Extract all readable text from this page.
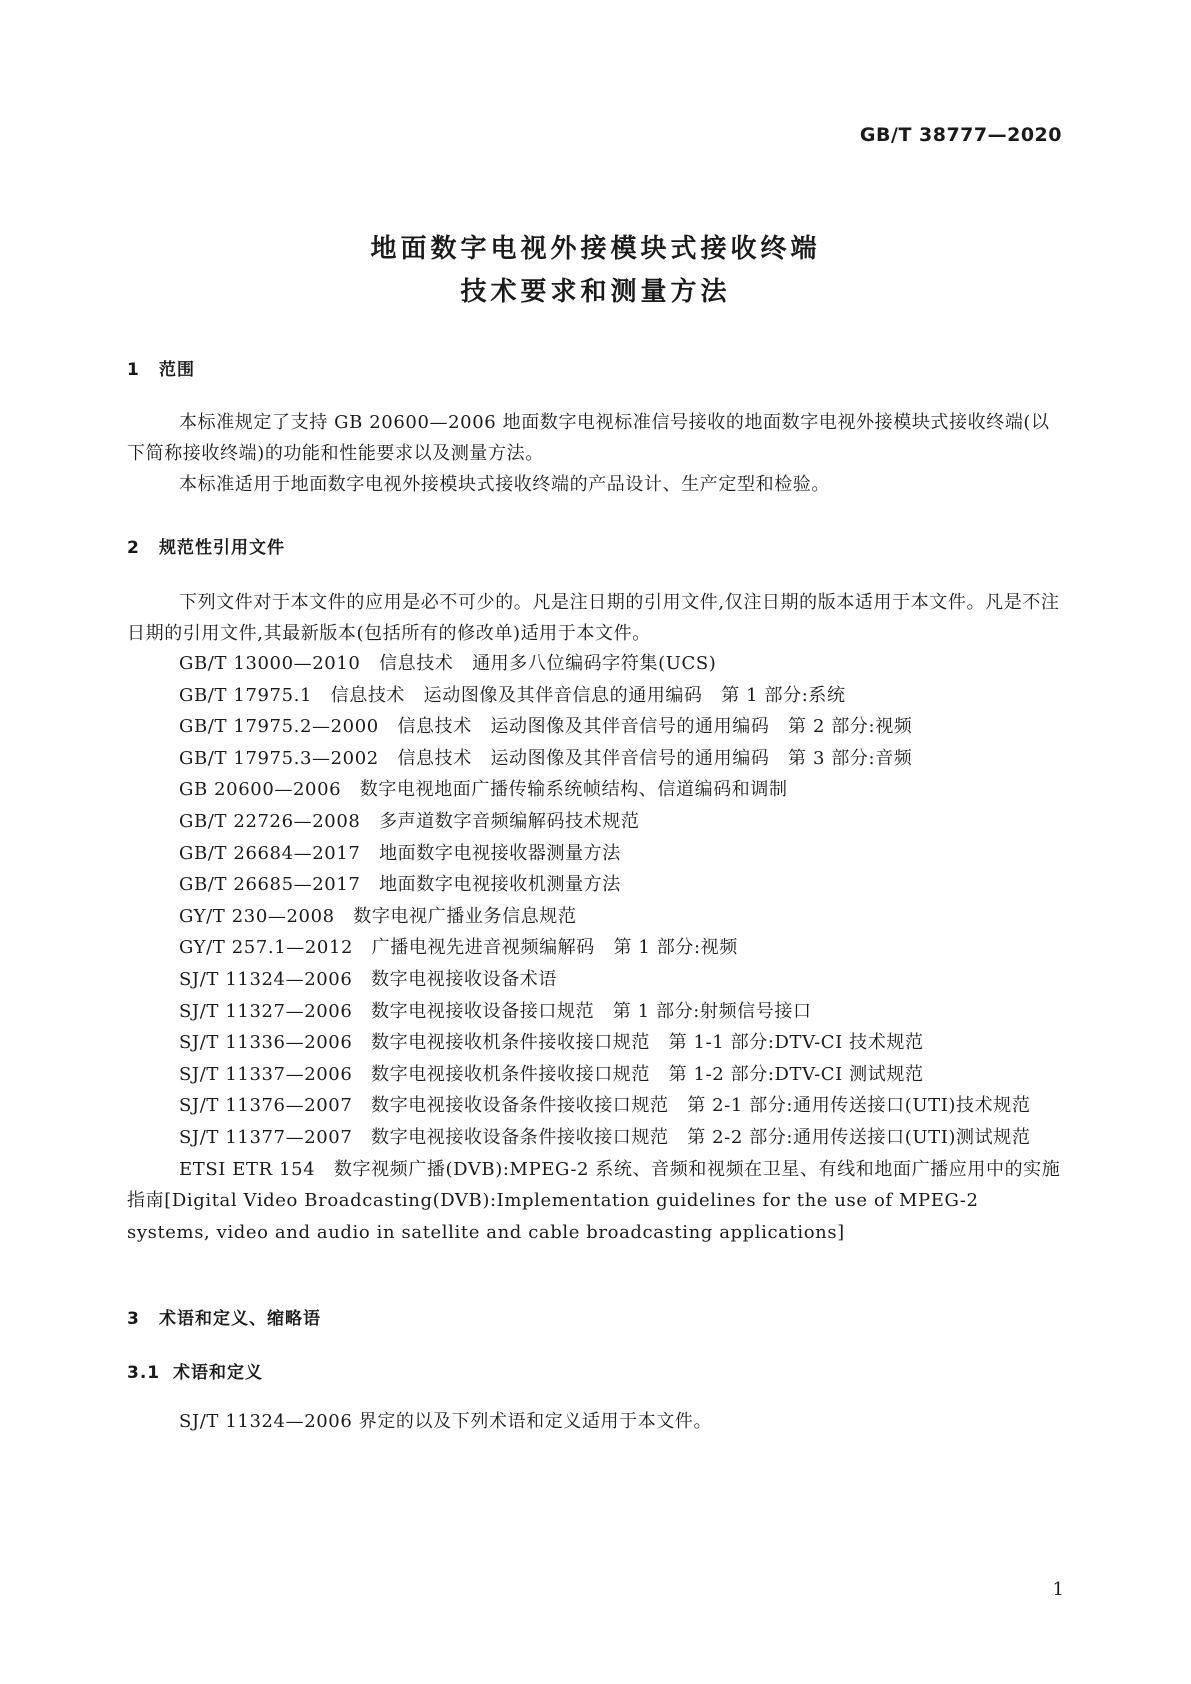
GB/T 38777—2020
地面数字电视外接模块式接收终端
技术要求和测量方法
1 范围
本标准规定了支持 GB 20600—2006 地面数字电视标准信号接收的地面数字电视外接模块式接收终端(以下简称接收终端)的功能和性能要求以及测量方法。
本标准适用于地面数字电视外接模块式接收终端的产品设计、生产定型和检验。
2 规范性引用文件
下列文件对于本文件的应用是必不可少的。凡是注日期的引用文件,仅注日期的版本适用于本文件。凡是不注日期的引用文件,其最新版本(包括所有的修改单)适用于本文件。
GB/T 13000—2010　信息技术　通用多八位编码字符集(UCS)
GB/T 17975.1　信息技术　运动图像及其伴音信息的通用编码　第 1 部分:系统
GB/T 17975.2—2000　信息技术　运动图像及其伴音信号的通用编码　第 2 部分:视频
GB/T 17975.3—2002　信息技术　运动图像及其伴音信号的通用编码　第 3 部分:音频
GB 20600—2006　数字电视地面广播传输系统帧结构、信道编码和调制
GB/T 22726—2008　多声道数字音频编解码技术规范
GB/T 26684—2017　地面数字电视接收器测量方法
GB/T 26685—2017　地面数字电视接收机测量方法
GY/T 230—2008　数字电视广播业务信息规范
GY/T 257.1—2012　广播电视先进音视频编解码　第 1 部分:视频
SJ/T 11324—2006　数字电视接收设备术语
SJ/T 11327—2006　数字电视接收设备接口规范　第 1 部分:射频信号接口
SJ/T 11336—2006　数字电视接收机条件接收接口规范　第 1-1 部分:DTV-CI 技术规范
SJ/T 11337—2006　数字电视接收机条件接收接口规范　第 1-2 部分:DTV-CI 测试规范
SJ/T 11376—2007　数字电视接收设备条件接收接口规范　第 2-1 部分:通用传送接口(UTI)技术规范
SJ/T 11377—2007　数字电视接收设备条件接收接口规范　第 2-2 部分:通用传送接口(UTI)测试规范
ETSI ETR 154　数字视频广播(DVB):MPEG-2 系统、音频和视频在卫星、有线和地面广播应用中的实施指南[Digital Video Broadcasting(DVB):Implementation guidelines for the use of MPEG-2 systems, video and audio in satellite and cable broadcasting applications]
3 术语和定义、缩略语
3.1 术语和定义
SJ/T 11324—2006 界定的以及下列术语和定义适用于本文件。
1
